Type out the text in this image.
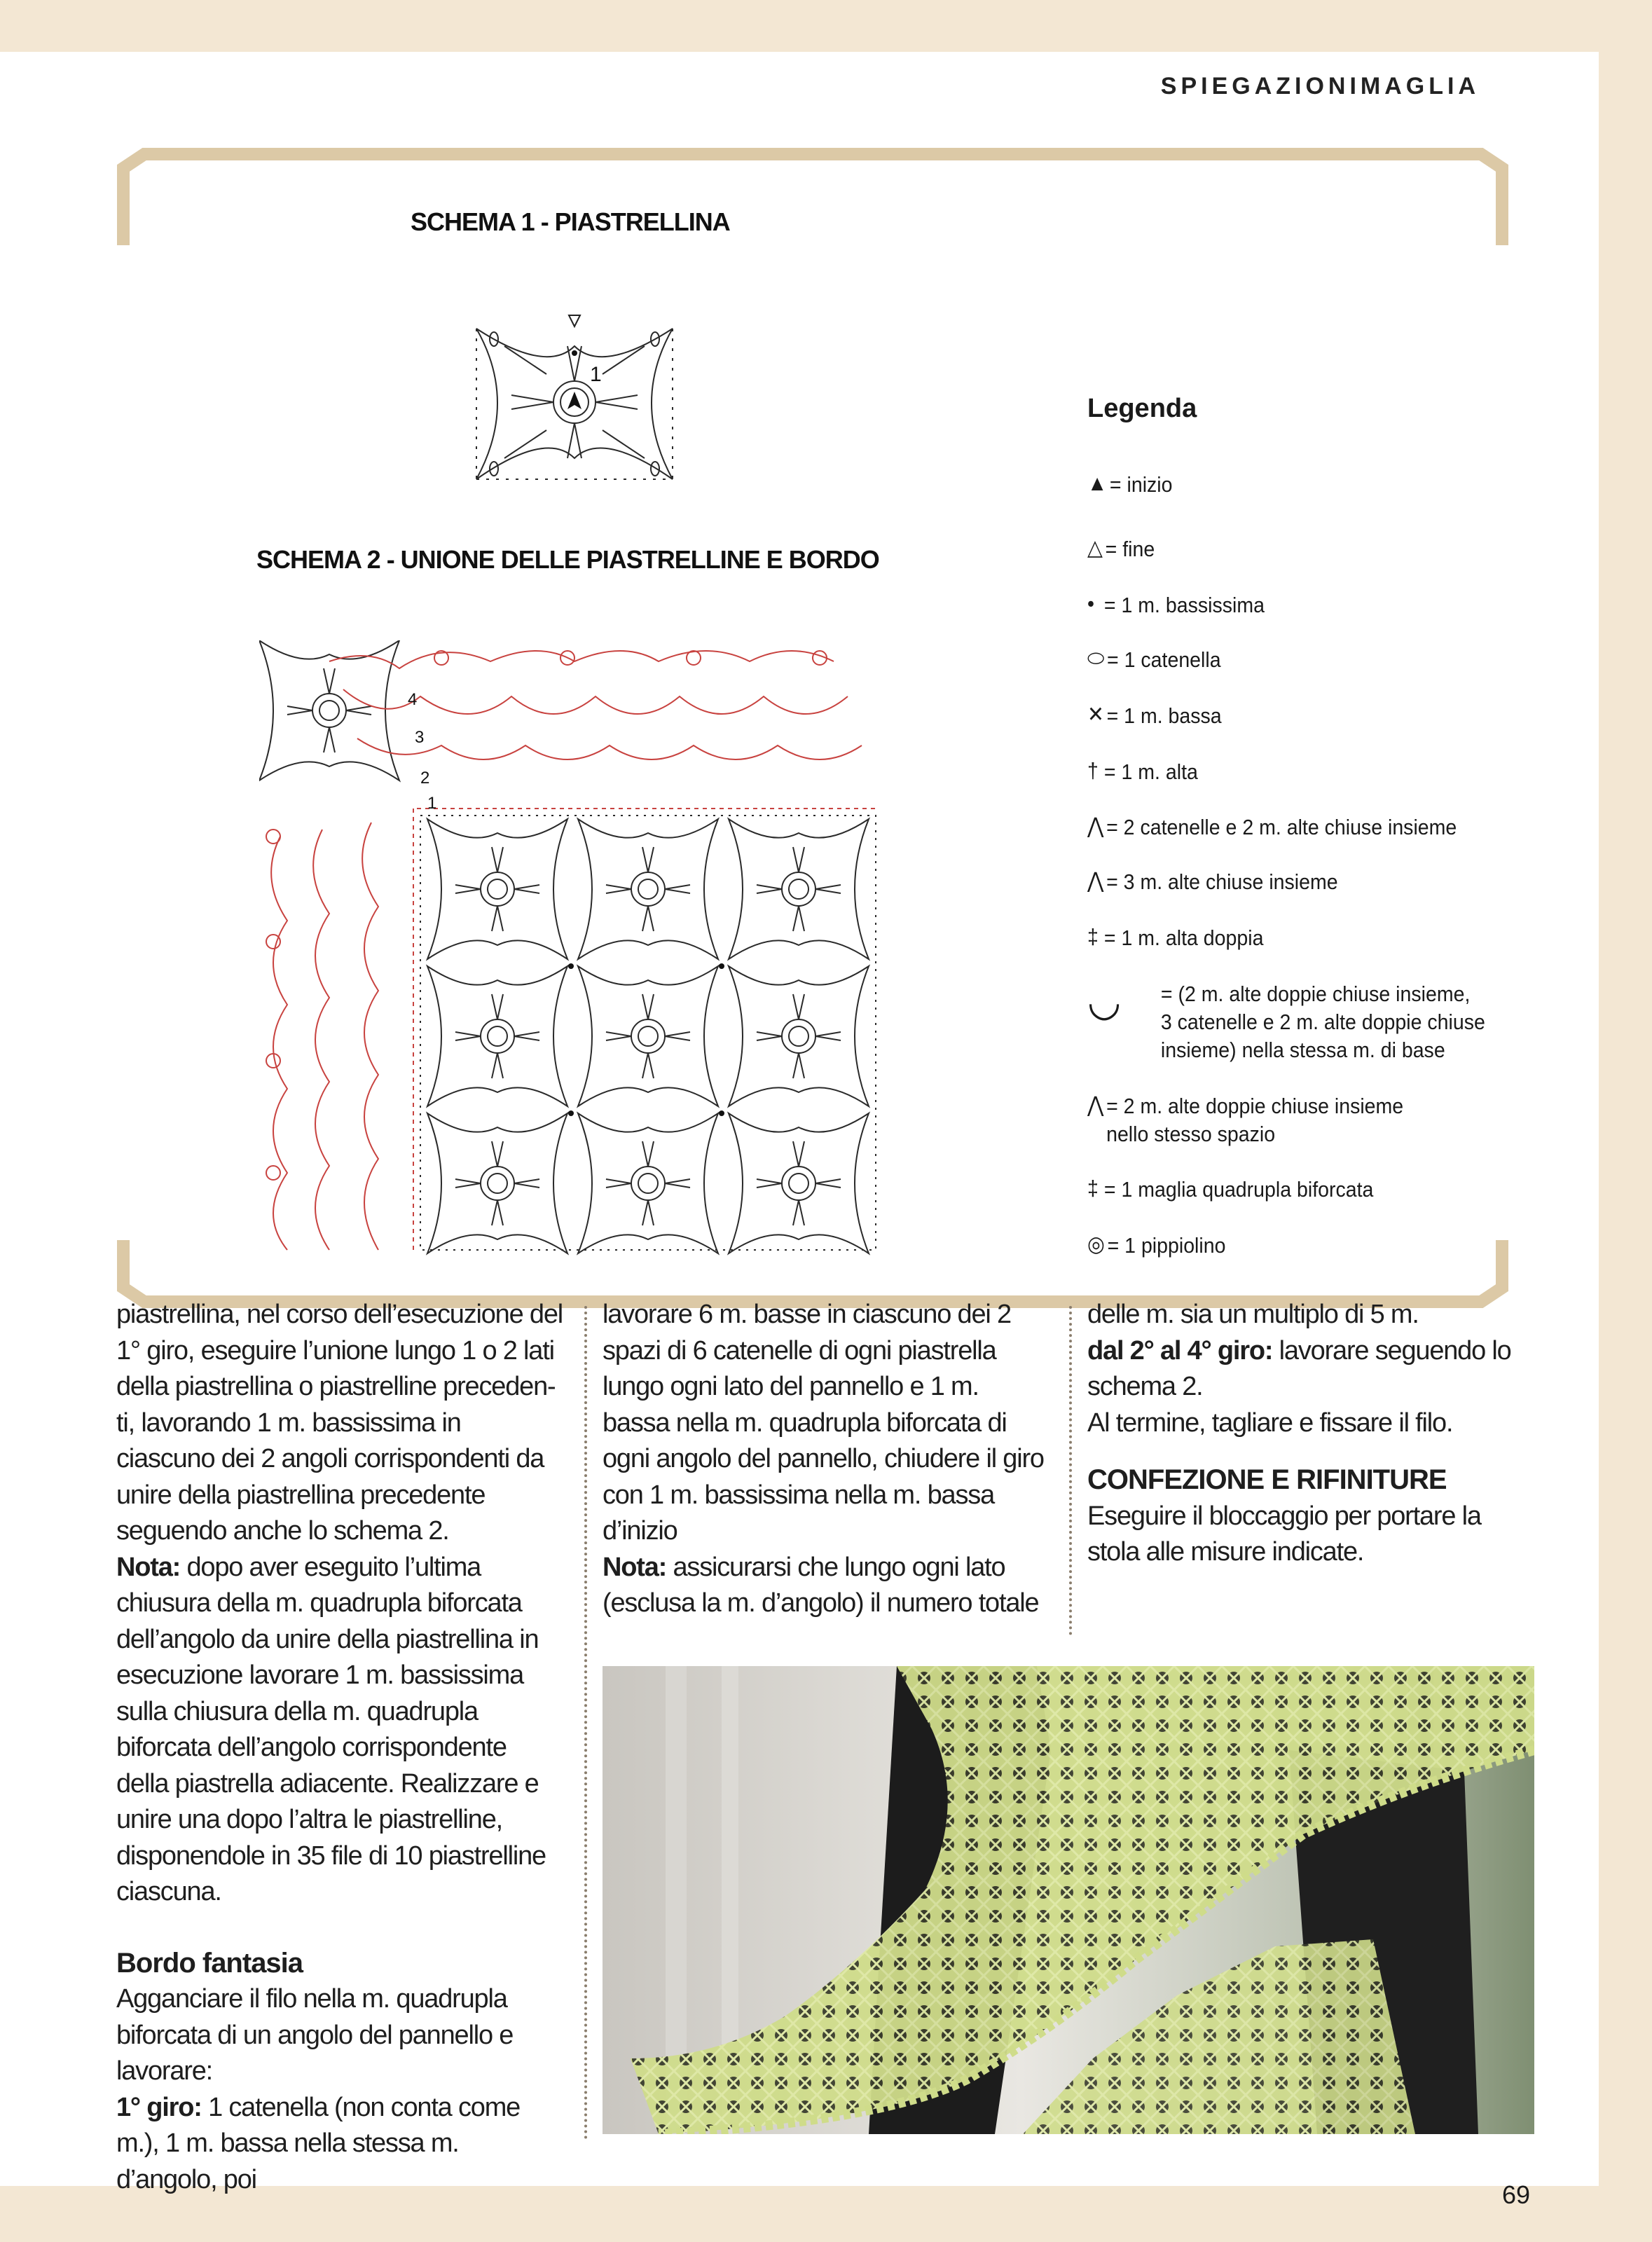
SPIEGAZIONIMAGLIA
SCHEMA 1 - PIASTRELLINA
1
SCHEMA 2 - UNIONE DELLE PIASTRELLINE E BORDO
4
3
2
1
Legenda
▲ = inizio
△ = fine
• = 1 m. bassissima
⬭ = 1 catenella
✕ = 1 m. bassa
† = 1 m. alta
⋀ = 2 catenelle e 2 m. alte chiuse insieme
⋀ = 3 m. alte chiuse insieme
‡ = 1 m. alta doppia
◡	= (2 m. alte doppie chiuse insieme,
3 catenelle e 2 m. alte doppie chiuse
insieme) nella stessa m. di base
⋀ = 2 m. alte doppie chiuse insieme
nello stesso spazio
‡ = 1 maglia quadrupla biforcata
◎ = 1 pippiolino

piastrellina, nel corso dell’esecuzione del 1° giro, eseguire l’unione lungo 1 o 2 lati della piastrellina o piastrelline precedenti, lavorando 1 m. bassissima in ciascuno dei 2 angoli corrispondenti da unire della piastrellina precedente seguendo anche lo schema 2.

Nota: dopo aver eseguito l’ultima chiusura della m. quadrupla biforcata dell’angolo da unire della piastrellina in esecuzione lavorare 1 m. bassissima sulla chiusura della m. quadrupla biforcata dell’angolo corrispondente della piastrella adiacente. Realizzare e unire una dopo l’altra le piastrelline, disponendole in 35 file di 10 piastrelline ciascuna.

Bordo fantasia

Agganciare il filo nella m. quadrupla biforcata di un angolo del pannello e lavorare:

1° giro: 1 catenella (non conta come m.), 1 m. bassa nella stessa m. d’angolo, poi

lavorare 6 m. basse in ciascuno dei 2 spazi di 6 catenelle di ogni piastrella lungo ogni lato del pannello e 1 m. bassa nella m. quadrupla biforcata di ogni angolo del pannello, chiudere il giro con 1 m. bassissima nella m. bassa d’inizio

Nota: assicurarsi che lungo ogni lato (esclusa la m. d’angolo) il numero totale

delle m. sia un multiplo di 5 m.

dal 2° al 4° giro: lavorare seguendo lo schema 2.

Al termine, tagliare e fissare il filo.

CONFEZIONE E RIFINITURE

Eseguire il bloccaggio per portare la stola alle misure indicate.

69
